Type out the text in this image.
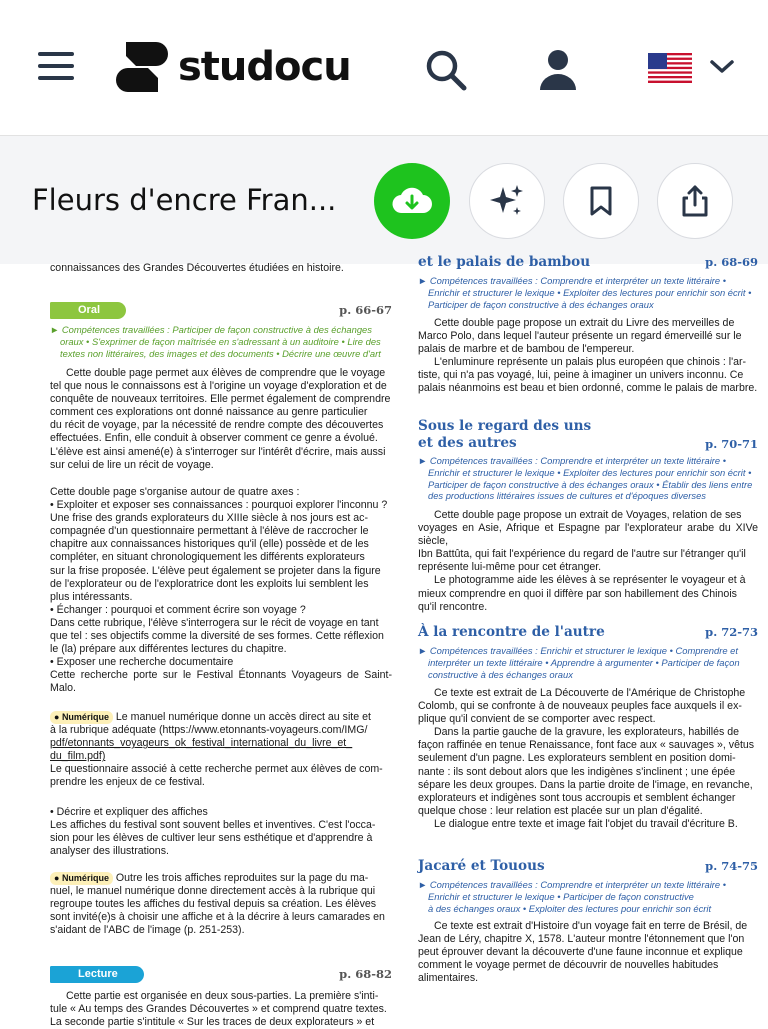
studocu
Fleurs d'encre Fran...

connaissances des Grandes Découvertes étudiées en histoire.

Oral	p. 66-67

► Compétences travaillées : Participer de façon constructive à des échanges

oraux • S'exprimer de façon maîtrisée en s'adressant à un auditoire • Lire des

textes non littéraires, des images et des documents • Décrire une œuvre d'art

Cette double page permet aux élèves de comprendre que le voyage

tel que nous le connaissons est à l'origine un voyage d'exploration et de

conquête de nouveaux territoires. Elle permet également de comprendre

comment ces explorations ont donné naissance au genre particulier

du récit de voyage, par la nécessité de rendre compte des découvertes

effectuées. Enfin, elle conduit à observer comment ce genre a évolué.

L'élève est ainsi amené(e) à s'interroger sur l'intérêt d'écrire, mais aussi

sur celui de lire un récit de voyage.

Cette double page s'organise autour de quatre axes :

• Exploiter et exposer ses connaissances : pourquoi explorer l'inconnu ?

Une frise des grands explorateurs du XIIIe siècle à nos jours est ac-

compagnée d'un questionnaire permettant à l'élève de raccrocher le

chapitre aux connaissances historiques qu'il (elle) possède et de les

compléter, en situant chronologiquement les différents explorateurs

sur la frise proposée. L'élève peut également se projeter dans la figure

de l'explorateur ou de l'exploratrice dont les exploits lui semblent les

plus intéressants.

• Échanger : pourquoi et comment écrire son voyage ?

Dans cette rubrique, l'élève s'interrogera sur le récit de voyage en tant

que tel : ses objectifs comme la diversité de ses formes. Cette réflexion

le (la) prépare aux différentes lectures du chapitre.

• Exposer une recherche documentaire

Cette recherche porte sur le Festival Étonnants Voyageurs de Saint-Malo.

● Numérique Le manuel numérique donne un accès direct au site et

à la rubrique adéquate (https://www.etonnants-voyageurs.com/IMG/

pdf/etonnants_voyageurs_ok_festival_international_du_livre_et_

du_film.pdf)

Le questionnaire associé à cette recherche permet aux élèves de com-

prendre les enjeux de ce festival.

• Décrire et expliquer des affiches

Les affiches du festival sont souvent belles et inventives. C'est l'occa-

sion pour les élèves de cultiver leur sens esthétique et d'apprendre à

analyser des illustrations.

● Numérique Outre les trois affiches reproduites sur la page du ma-

nuel, le manuel numérique donne directement accès à la rubrique qui

regroupe toutes les affiches du festival depuis sa création. Les élèves

sont invité(e)s à choisir une affiche et à la décrire à leurs camarades en

s'aidant de l'ABC de l'image (p. 251-253).

Lecture	p. 68-82

Cette partie est organisée en deux sous-parties. La première s'inti-

tule « Au temps des Grandes Découvertes » et comprend quatre textes.

La seconde partie s'intitule « Sur les traces de deux explorateurs » et

et le palais de bambou	p. 68-69

► Compétences travaillées : Comprendre et interpréter un texte littéraire •

Enrichir et structurer le lexique • Exploiter des lectures pour enrichir son écrit •

Participer de façon constructive à des échanges oraux

Cette double page propose un extrait du Livre des merveilles de

Marco Polo, dans lequel l'auteur présente un regard émerveillé sur le

palais de marbre et de bambou de l'empereur.

L'enluminure représente un palais plus européen que chinois : l'ar-

tiste, qui n'a pas voyagé, lui, peine à imaginer un univers inconnu. Ce

palais néanmoins est beau et bien ordonné, comme le palais de marbre.

Sous le regard des uns
et des autres	p. 70-71

► Compétences travaillées : Comprendre et interpréter un texte littéraire •

Enrichir et structurer le lexique • Exploiter des lectures pour enrichir son écrit •

Participer de façon constructive à des échanges oraux • Établir des liens entre

des productions littéraires issues de cultures et d'époques diverses

Cette double page propose un extrait de Voyages, relation de ses

voyages en Asie, Afrique et Espagne par l'explorateur arabe du XIVe siècle,

Ibn Battûta, qui fait l'expérience du regard de l'autre sur l'étranger qu'il

représente lui-même pour cet étranger.

Le photogramme aide les élèves à se représenter le voyageur et à

mieux comprendre en quoi il diffère par son habillement des Chinois

qu'il rencontre.

À la rencontre de l'autre	p. 72-73

► Compétences travaillées : Enrichir et structurer le lexique • Comprendre et

interpréter un texte littéraire • Apprendre à argumenter • Participer de façon

constructive à des échanges oraux

Ce texte est extrait de La Découverte de l'Amérique de Christophe

Colomb, qui se confronte à de nouveaux peuples face auxquels il ex-

plique qu'il convient de se comporter avec respect.

Dans la partie gauche de la gravure, les explorateurs, habillés de

façon raffinée en tenue Renaissance, font face aux « sauvages », vêtus

seulement d'un pagne. Les explorateurs semblent en position domi-

nante : ils sont debout alors que les indigènes s'inclinent ; une épée

sépare les deux groupes. Dans la partie droite de l'image, en revanche,

explorateurs et indigènes sont tous accroupis et semblent échanger

quelque chose : leur relation est placée sur un plan d'égalité.

Le dialogue entre texte et image fait l'objet du travail d'écriture B.

Jacaré et Touous	p. 74-75

► Compétences travaillées : Comprendre et interpréter un texte littéraire •

Enrichir et structurer le lexique • Participer de façon constructive

à des échanges oraux • Exploiter des lectures pour enrichir son écrit

Ce texte est extrait d'Histoire d'un voyage fait en terre de Brésil, de

Jean de Léry, chapitre X, 1578. L'auteur montre l'étonnement que l'on

peut éprouver devant la découverte d'une faune inconnue et explique

comment le voyage permet de découvrir de nouvelles habitudes

alimentaires.
